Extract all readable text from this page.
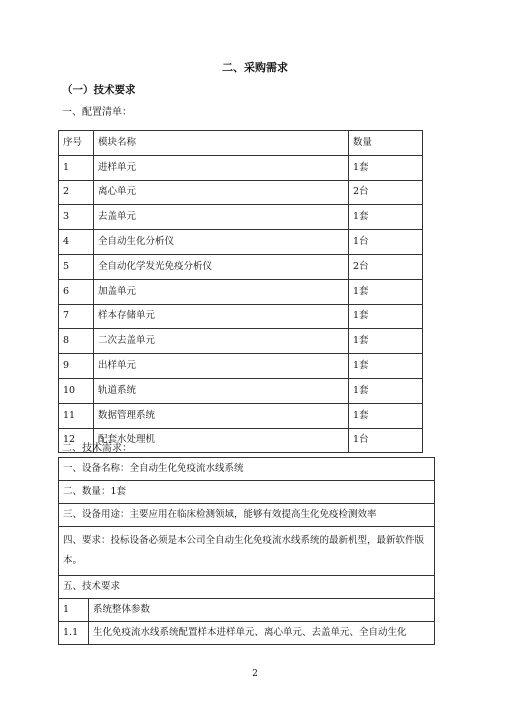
二、采购需求
（一）技术要求
一、配置清单：
序号	模块名称	数量
1	进样单元	1套
2	离心单元	2台
3	去盖单元	1套
4	全自动生化分析仪	1台
5	全自动化学发光免疫分析仪	2台
6	加盖单元	1套
7	样本存储单元	1套
8	二次去盖单元	1套
9	出样单元	1套
10	轨道系统	1套
11	数据管理系统	1套
12	配套水处理机	1台
二、技术需求：
一、设备名称：全自动生化免疫流水线系统	
二、数量：1套	
三、设备用途：主要应用在临床检测领域，能够有效提高生化免疫检测效率	
四、要求：投标设备必须是本公司全自动生化免疫流水线系统的最新机型，最新软件版本。	
五、技术要求	
1	系统整体参数
1.1	生化免疫流水线系统配置样本进样单元、离心单元、去盖单元、全自动生化
2
